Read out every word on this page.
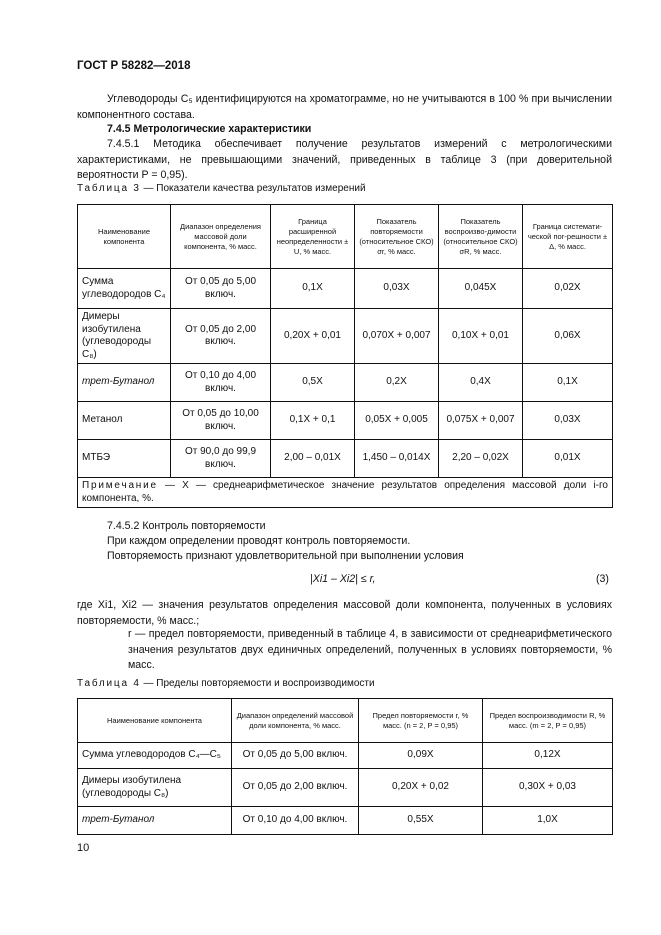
ГОСТ Р 58282—2018
Углеводороды C₅ идентифицируются на хроматограмме, но не учитываются в 100 % при вычислении компонентного состава.
7.4.5 Метрологические характеристики
7.4.5.1 Методика обеспечивает получение результатов измерений с метрологическими характеристиками, не превышающими значений, приведенных в таблице 3 (при доверительной вероятности P = 0,95).
Таблица 3 — Показатели качества результатов измерений
Наименование компонента	Диапазон определения массовой доли компонента, % масс.	Граница расширенной неопределенности ± U, % масс.	Показатель повторяемости (относительное СКО) σr, % масс.	Показатель воспроизво-димости (относительное СКО) σR, % масс.	Граница системати-ческой пог-решности ± Δ, % масс.
Сумма углеводородов C₄	От 0,05 до 5,00 включ.	0,1X	0,03X	0,045X	0,02X
Димеры изобутилена (углеводороды C₈)	От 0,05 до 2,00 включ.	0,20X + 0,01	0,070X + 0,007	0,10X + 0,01	0,06X
трет-Бутанол	От 0,10 до 4,00 включ.	0,5X	0,2X	0,4X	0,1X
Метанол	От 0,05 до 10,00 включ.	0,1X + 0,1	0,05X + 0,005	0,075X + 0,007	0,03X
МТБЭ	От 90,0 до 99,9 включ.	2,00 – 0,01X	1,450 – 0,014X	2,20 – 0,02X	0,01X
Примечание — X — среднеарифметическое значение результатов определения массовой доли i-го компонента, %.					
7.4.5.2 Контроль повторяемости
При каждом определении проводят контроль повторяемости.
Повторяемость признают удовлетворительной при выполнении условия
|Xi1 – Xi2| ≤ r,	(3)
где Xi1, Xi2 — значения результатов определения массовой доли компонента, полученных в условиях повторяемости, % масс.;
r — предел повторяемости, приведенный в таблице 4, в зависимости от среднеарифметического значения результатов двух единичных определений, полученных в условиях повторяемости, % масс.
Таблица 4 — Пределы повторяемости и воспроизводимости
Наименование компонента	Диапазон определений массовой доли компонента, % масс.	Предел повторяемости r, % масс. (n = 2, P = 0,95)	Предел воспроизводимости R, % масс. (m = 2, P = 0,95)
Сумма углеводородов C₄—C₅	От 0,05 до 5,00 включ.	0,09X	0,12X
Димеры изобутилена (углеводороды C₈)	От 0,05 до 2,00 включ.	0,20X + 0,02	0,30X + 0,03
трет-Бутанол	От 0,10 до 4,00 включ.	0,55X	1,0X
10
